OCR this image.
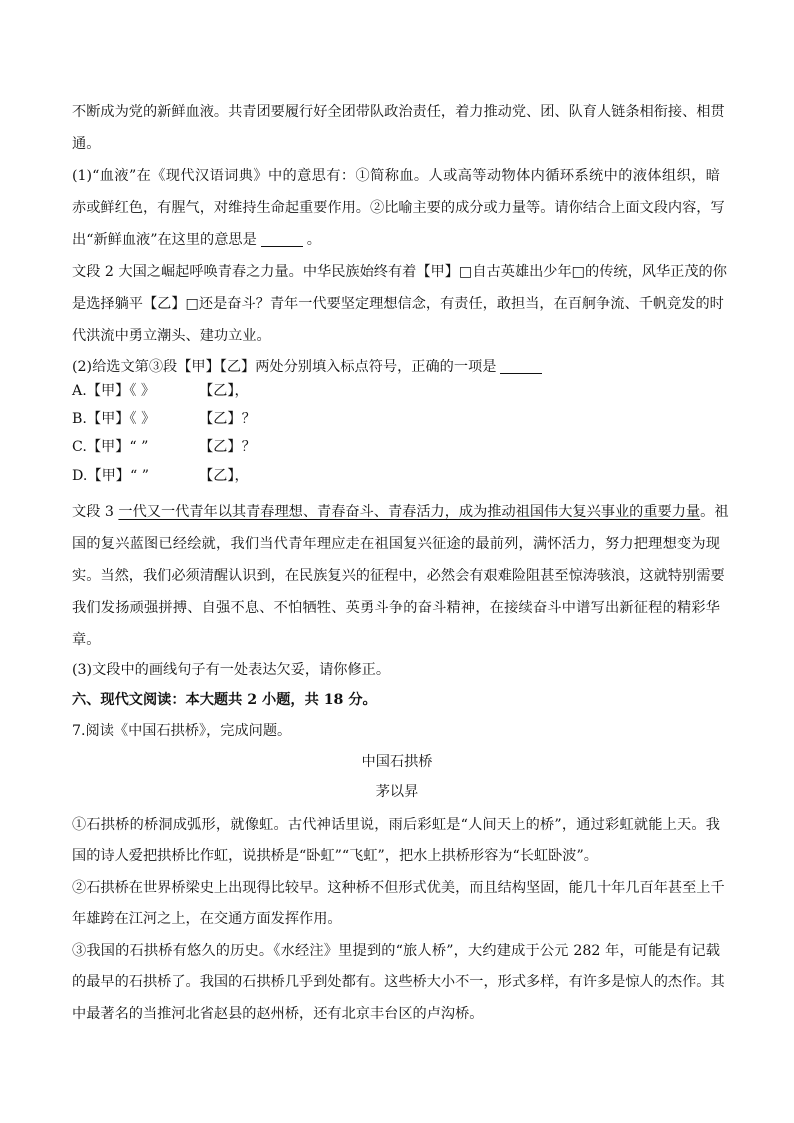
不断成为党的新鲜血液。共青团要履行好全团带队政治责任，着力推动党、团、队育人链条相衔接、相贯
通。
(1)“血液”在《现代汉语词典》中的意思有：①简称血。人或高等动物体内循环系统中的液体组织，暗
赤或鲜红色，有腥气，对维持生命起重要作用。②比喻主要的成分或力量等。请你结合上面文段内容，写
出“新鲜血液”在这里的意思是	。
文段 2 大国之崛起呼唤青春之力量。中华民族始终有着【甲】□自古英雄出少年□的传统，风华正茂的你
是选择躺平【乙】□还是奋斗？青年一代要坚定理想信念，有责任，敢担当，在百舸争流、千帆竞发的时
代洪流中勇立潮头、建功立业。
(2)给选文第③段【甲】【乙】两处分别填入标点符号，正确的一项是
A.【甲】《 》	【乙】，
B.【甲】《 》	【乙】？
C.【甲】“ ”	【乙】？
D.【甲】“ ”	【乙】，
文段 3 一代又一代青年以其青春理想、青春奋斗、青春活力，成为推动祖国伟大复兴事业的重要力量。祖
国的复兴蓝图已经绘就，我们当代青年理应走在祖国复兴征途的最前列，满怀活力，努力把理想变为现
实。当然，我们必须清醒认识到，在民族复兴的征程中，必然会有艰难险阻甚至惊涛骇浪，这就特别需要
我们发扬顽强拼搏、自强不息、不怕牺牲、英勇斗争的奋斗精神，在接续奋斗中谱写出新征程的精彩华
章。
(3)文段中的画线句子有一处表达欠妥，请你修正。
六、现代文阅读：本大题共 2 小题，共 18 分。
7.阅读《中国石拱桥》，完成问题。
中国石拱桥
茅以昇
①石拱桥的桥洞成弧形，就像虹。古代神话里说，雨后彩虹是“人间天上的桥”，通过彩虹就能上天。我
国的诗人爱把拱桥比作虹，说拱桥是“卧虹”“飞虹”，把水上拱桥形容为“长虹卧波”。
②石拱桥在世界桥梁史上出现得比较早。这种桥不但形式优美，而且结构坚固，能几十年几百年甚至上千
年雄跨在江河之上，在交通方面发挥作用。
③我国的石拱桥有悠久的历史。《水经注》里提到的“旅人桥”，大约建成于公元 282 年，可能是有记载
的最早的石拱桥了。我国的石拱桥几乎到处都有。这些桥大小不一，形式多样，有许多是惊人的杰作。其
中最著名的当推河北省赵县的赵州桥，还有北京丰台区的卢沟桥。
